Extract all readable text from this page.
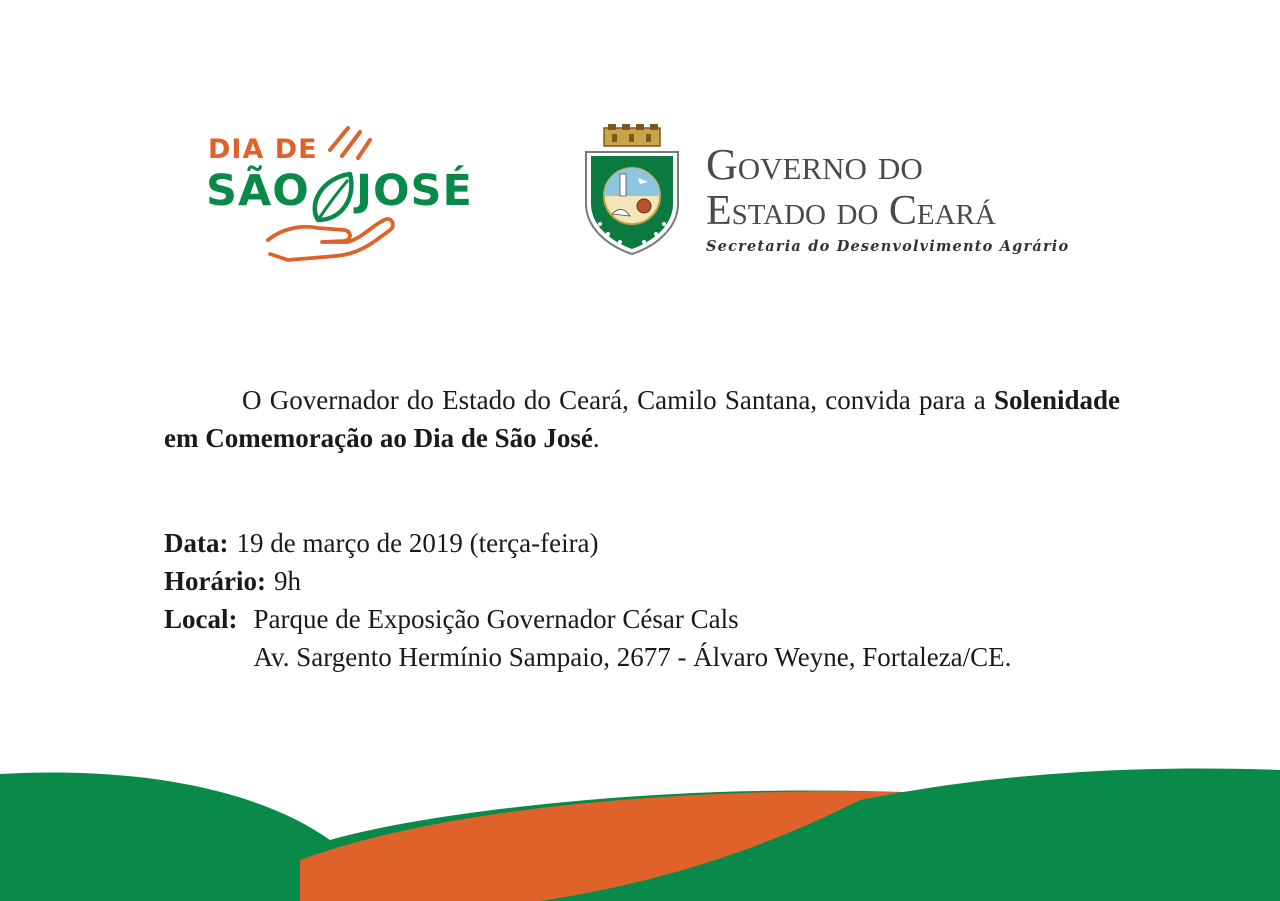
DIA DE
SÃO JOSÉ
Governo do
Estado do Ceará
Secretaria do Desenvolvimento Agrário
O Governador do Estado do Ceará, Camilo Santana, convida para a Solenidade em Comemoração ao Dia de São José.
Data: 19 de março de 2019 (terça-feira)
Horário: 9h
Local: Parque de Exposição Governador César Cals
Av. Sargento Hermínio Sampaio, 2677 - Álvaro Weyne, Fortaleza/CE.
